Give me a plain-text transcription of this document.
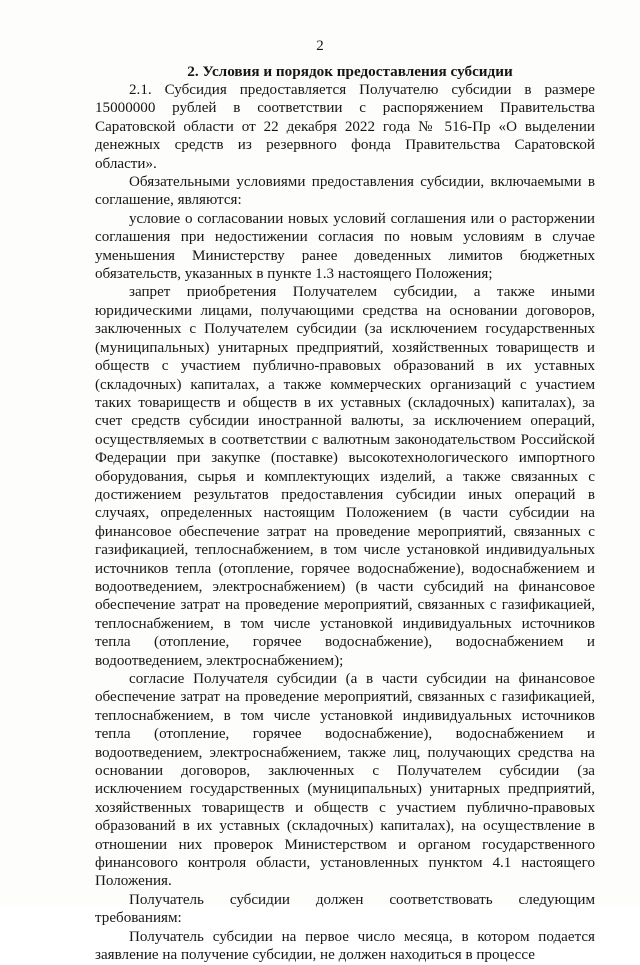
2
2. Условия и порядок предоставления субсидии

2.1. Субсидия предоставляется Получателю субсидии в размере 15000000 рублей в соответствии с распоряжением Правительства Саратовской области от 22 декабря 2022 года № 516-Пр «О выделении денежных средств из резервного фонда Правительства Саратовской области».

Обязательными условиями предоставления субсидии, включаемыми в соглашение, являются:

условие о согласовании новых условий соглашения или о расторжении соглашения при недостижении согласия по новым условиям в случае уменьшения Министерству ранее доведенных лимитов бюджетных обязательств, указанных в пункте 1.3 настоящего Положения;

запрет приобретения Получателем субсидии, а также иными юридическими лицами, получающими средства на основании договоров, заключенных с Получателем субсидии (за исключением государственных (муниципальных) унитарных предприятий, хозяйственных товариществ и обществ с участием публично-правовых образований в их уставных (складочных) капиталах, а также коммерческих организаций с участием таких товариществ и обществ в их уставных (складочных) капиталах), за счет средств субсидии иностранной валюты, за исключением операций, осуществляемых в соответствии с валютным законодательством Российской Федерации при закупке (поставке) высокотехнологического импортного оборудования, сырья и комплектующих изделий, а также связанных с достижением результатов предоставления субсидии иных операций в случаях, определенных настоящим Положением (в части субсидии на финансовое обеспечение затрат на проведение мероприятий, связанных с газификацией, теплоснабжением, в том числе установкой индивидуальных источников тепла (отопление, горячее водоснабжение), водоснабжением и водоотведением, электроснабжением) (в части субсидий на финансовое обеспечение затрат на проведение мероприятий, связанных с газификацией, теплоснабжением, в том числе установкой индивидуальных источников тепла (отопление, горячее водоснабжение), водоснабжением и водоотведением, электроснабжением);

согласие Получателя субсидии (а в части субсидии на финансовое обеспечение затрат на проведение мероприятий, связанных с газификацией, теплоснабжением, в том числе установкой индивидуальных источников тепла (отопление, горячее водоснабжение), водоснабжением и водоотведением, электроснабжением, также лиц, получающих средства на основании договоров, заключенных с Получателем субсидии (за исключением государственных (муниципальных) унитарных предприятий, хозяйственных товариществ и обществ с участием публично-правовых образований в их уставных (складочных) капиталах), на осуществление в отношении них проверок Министерством и органом государственного финансового контроля области, установленных пунктом 4.1 настоящего Положения.

Получатель субсидии должен соответствовать следующим требованиям:

Получатель субсидии на первое число месяца, в котором подается заявление на получение субсидии, не должен находиться в процессе
